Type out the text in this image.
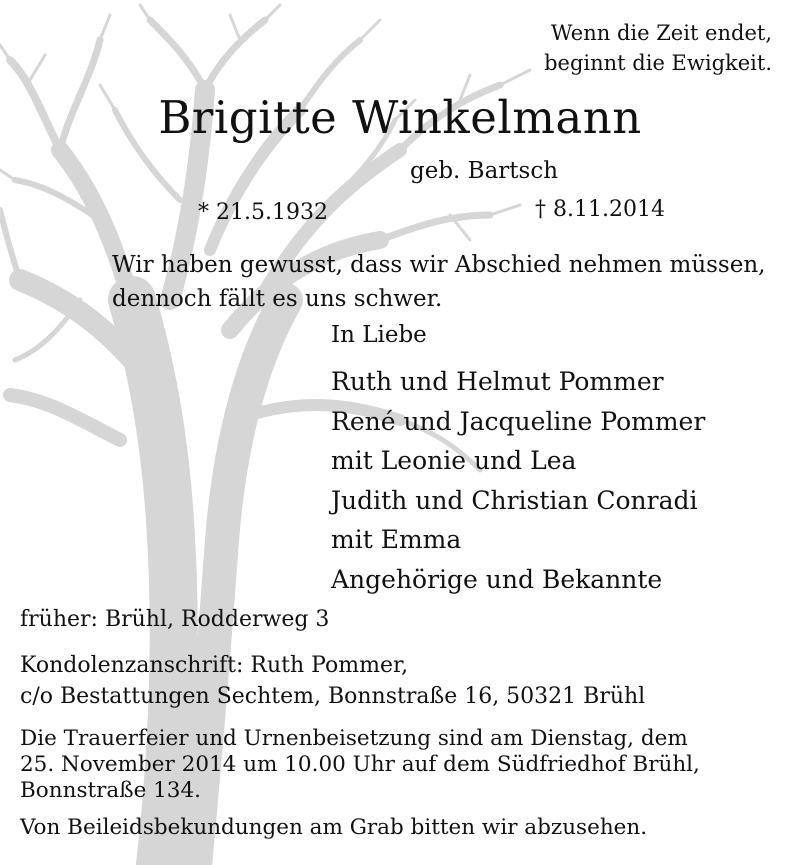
Wenn die Zeit endet,
beginnt die Ewigkeit.
Brigitte Winkelmann
geb. Bartsch
* 21.5.1932	† 8.11.2014
Wir haben gewusst, dass wir Abschied nehmen müssen,
dennoch fällt es uns schwer.
In Liebe
Ruth und Helmut Pommer
René und Jacqueline Pommer
mit Leonie und Lea
Judith und Christian Conradi
mit Emma
Angehörige und Bekannte
früher: Brühl, Rodderweg 3
Kondolenzanschrift: Ruth Pommer,
c/o Bestattungen Sechtem, Bonnstraße 16, 50321 Brühl
Die Trauerfeier und Urnenbeisetzung sind am Dienstag, dem
25. November 2014 um 10.00 Uhr auf dem Südfriedhof Brühl,
Bonnstraße 134.
Von Beileidsbekundungen am Grab bitten wir abzusehen.
